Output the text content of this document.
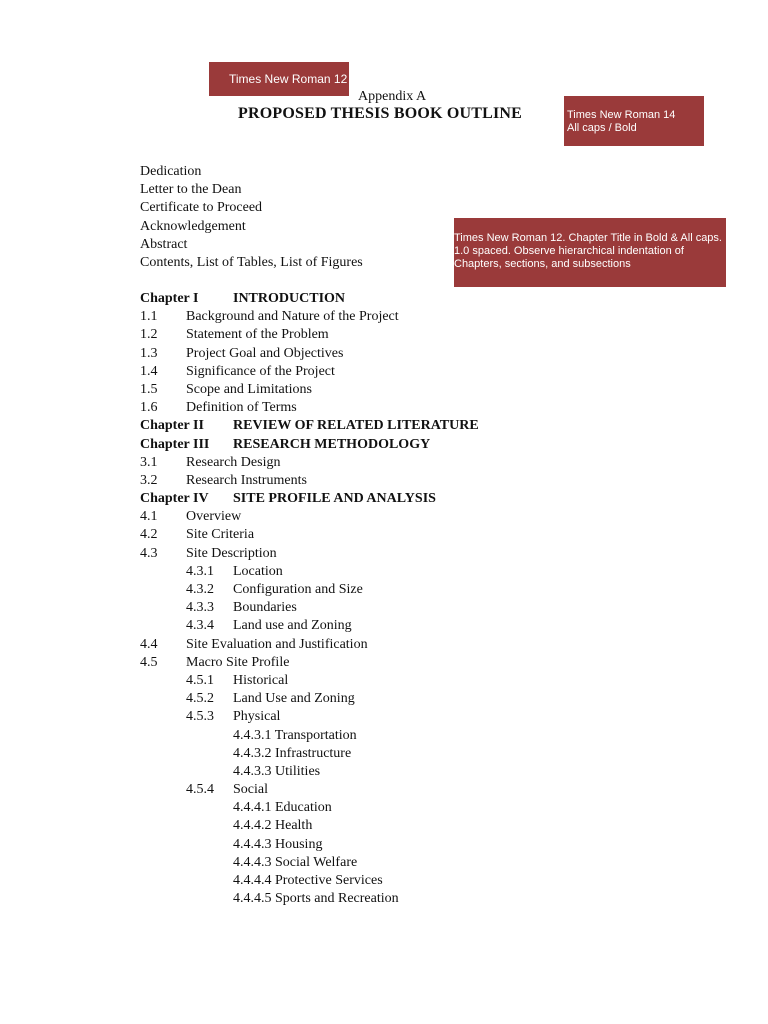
Times New Roman 12
Times New Roman 14
All caps / Bold
Times New Roman 12. Chapter Title in Bold & All caps. 1.0 spaced. Observe hierarchical indentation of Chapters, sections, and subsections
Appendix A
PROPOSED THESIS BOOK OUTLINE
Dedication
Letter to the Dean
Certificate to Proceed
Acknowledgement
Abstract
Contents, List of Tables, List of Figures
Chapter I INTRODUCTION
1.1 Background and Nature of the Project
1.2 Statement of the Problem
1.3 Project Goal and Objectives
1.4 Significance of the Project
1.5 Scope and Limitations
1.6 Definition of Terms
Chapter II REVIEW OF RELATED LITERATURE
Chapter III RESEARCH METHODOLOGY
3.1 Research Design
3.2 Research Instruments
Chapter IV SITE PROFILE AND ANALYSIS
4.1 Overview
4.2 Site Criteria
4.3 Site Description
4.3.1 Location
4.3.2 Configuration and Size
4.3.3 Boundaries
4.3.4 Land use and Zoning
4.4 Site Evaluation and Justification
4.5 Macro Site Profile
4.5.1 Historical
4.5.2 Land Use and Zoning
4.5.3 Physical
4.4.3.1 Transportation
4.4.3.2 Infrastructure
4.4.3.3 Utilities
4.5.4 Social
4.4.4.1 Education
4.4.4.2 Health
4.4.4.3 Housing
4.4.4.3 Social Welfare
4.4.4.4 Protective Services
4.4.4.5 Sports and Recreation
